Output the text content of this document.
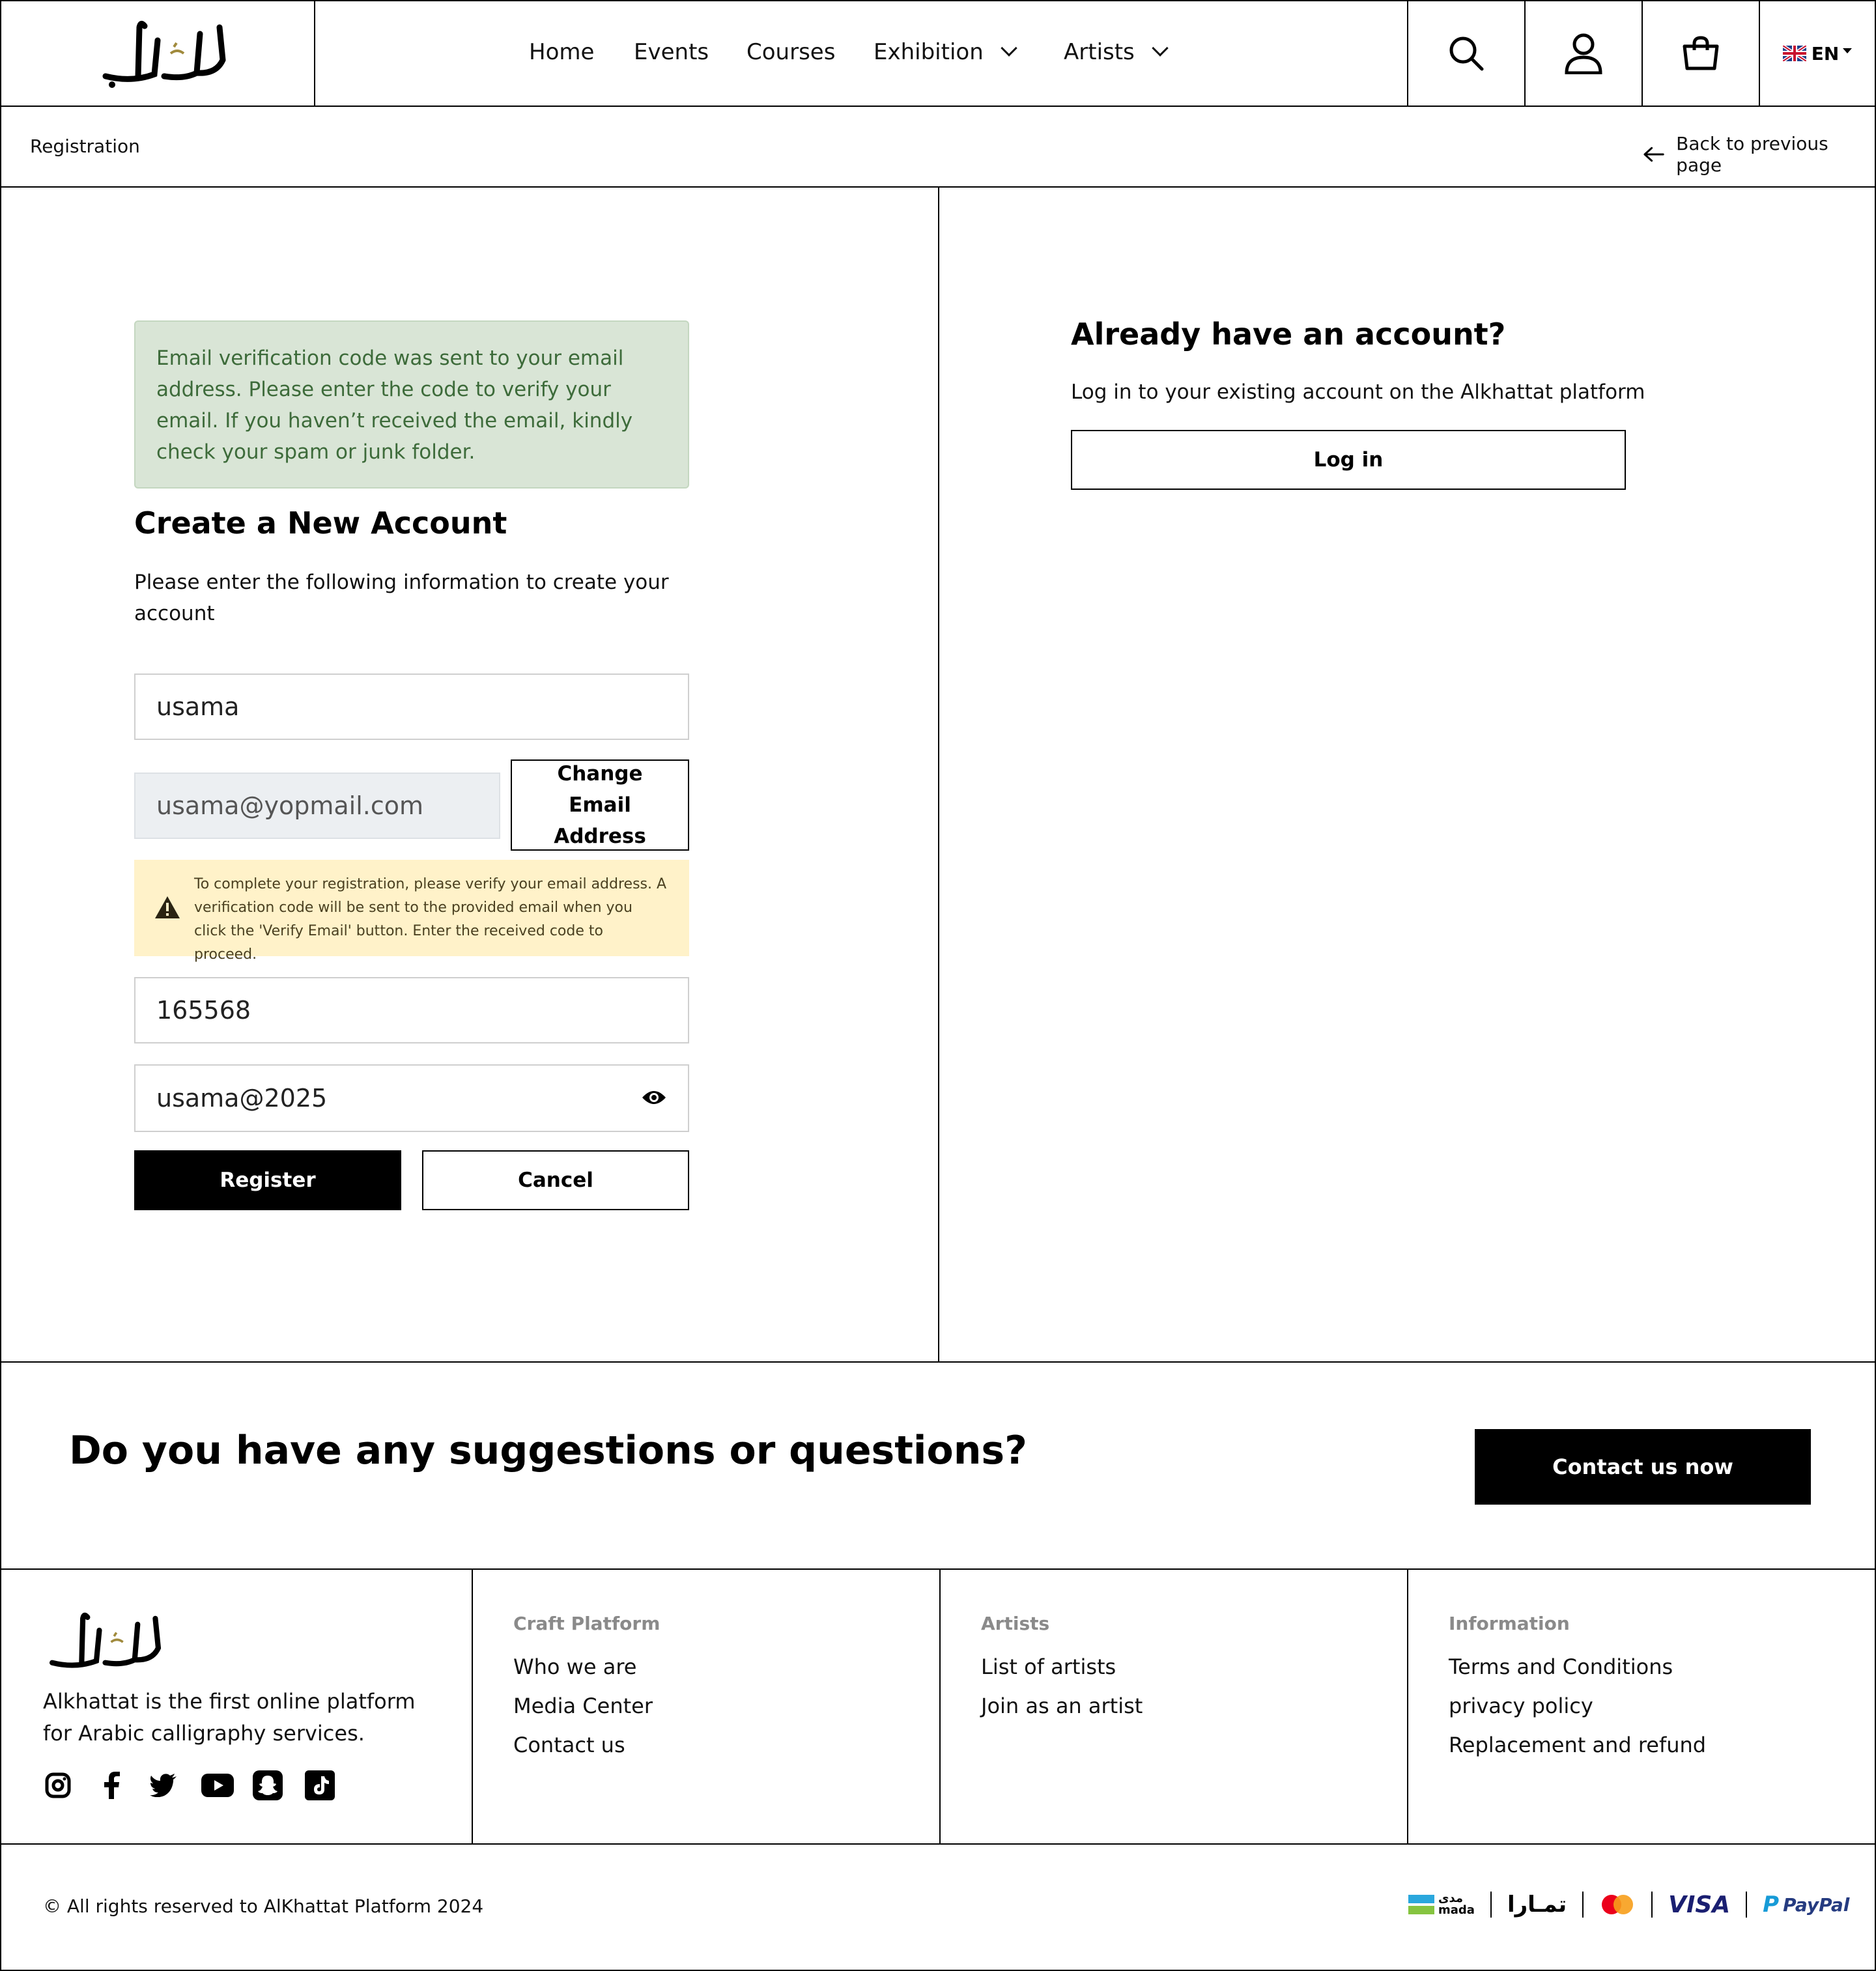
Home Events Courses Exhibition	Artists	EN
Registration	Back to previous page
Email verification code was sent to your email address. Please enter the code to verify your email. If you haven’t received the email, kindly check your spam or junk folder.
Create a New Account
Please enter the following information to create your account
usama
usama@yopmail.com
Change Email Address
To complete your registration, please verify your email address. A verification code will be sent to the provided email when you click the 'Verify Email' button. Enter the received code to proceed.
165568
usama@2025
Register	Cancel
Already have an account?
Log in to your existing account on the Alkhattat platform
Log in
Do you have any suggestions or questions?	Contact us now
Alkhattat is the first online platform for Arabic calligraphy services.
Craft Platform
Who we are
Media Center
Contact us
Artists
List of artists
Join as an artist
Information
Terms and Conditions
privacy policy
Replacement and refund
© All rights reserved to AlKhattat Platform 2024	مدى
mada تمـارا	VISA P PayPal
